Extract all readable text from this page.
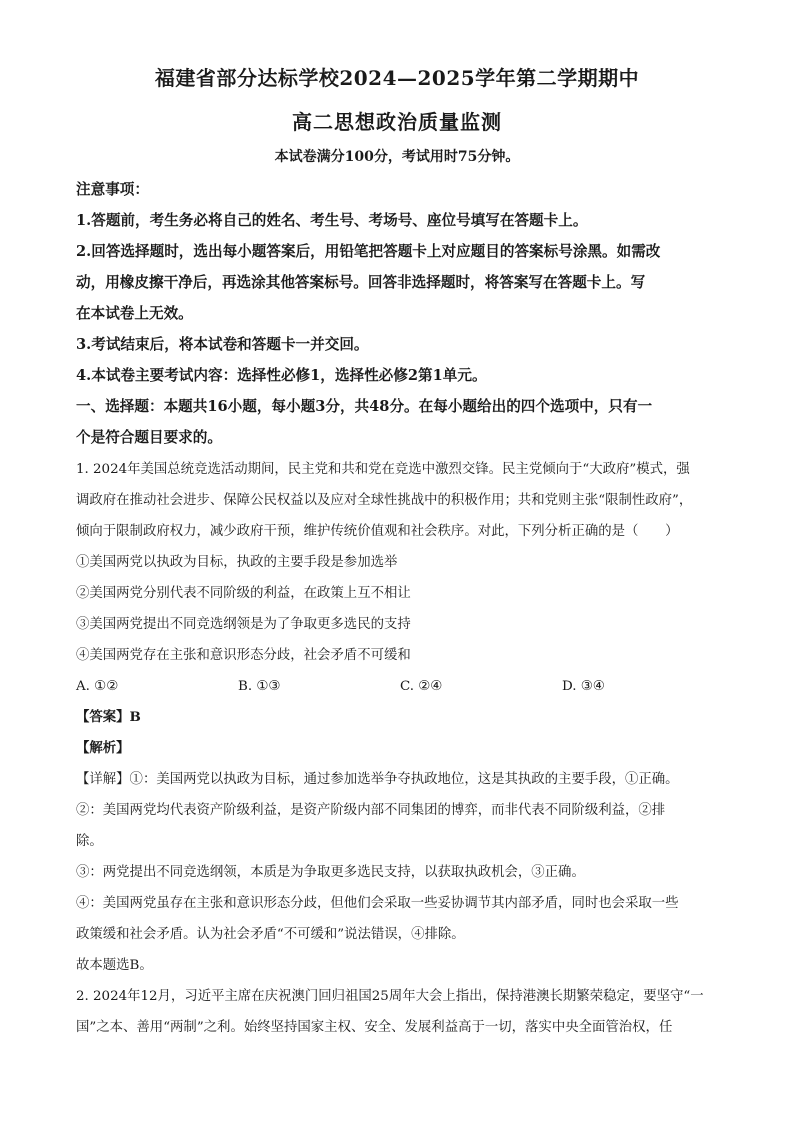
福建省部分达标学校2024—2025学年第二学期期中
高二思想政治质量监测
本试卷满分100分，考试用时75分钟。
注意事项：
1.答题前，考生务必将自己的姓名、考生号、考场号、座位号填写在答题卡上。
2.回答选择题时，选出每小题答案后，用铅笔把答题卡上对应题目的答案标号涂黑。如需改
动，用橡皮擦干净后，再选涂其他答案标号。回答非选择题时，将答案写在答题卡上。写
在本试卷上无效。
3.考试结束后，将本试卷和答题卡一并交回。
4.本试卷主要考试内容：选择性必修1，选择性必修2第1单元。
一、选择题：本题共16小题，每小题3分，共48分。在每小题给出的四个选项中，只有一
个是符合题目要求的。
1. 2024年美国总统竞选活动期间，民主党和共和党在竞选中激烈交锋。民主党倾向于“大政府”模式，强
调政府在推动社会进步、保障公民权益以及应对全球性挑战中的积极作用；共和党则主张“限制性政府”，
倾向于限制政府权力，减少政府干预，维护传统价值观和社会秩序。对此，下列分析正确的是（　　）
①美国两党以执政为目标，执政的主要手段是参加选举
②美国两党分别代表不同阶级的利益，在政策上互不相让
③美国两党提出不同竞选纲领是为了争取更多选民的支持
④美国两党存在主张和意识形态分歧，社会矛盾不可缓和
A. ①②	B. ①③	C. ②④	D. ③④
【答案】B
【解析】
【详解】①：美国两党以执政为目标，通过参加选举争夺执政地位，这是其执政的主要手段，①正确。
②：美国两党均代表资产阶级利益，是资产阶级内部不同集团的博弈，而非代表不同阶级利益，②排
除。
③：两党提出不同竞选纲领，本质是为争取更多选民支持，以获取执政机会，③正确。
④：美国两党虽存在主张和意识形态分歧，但他们会采取一些妥协调节其内部矛盾，同时也会采取一些
政策缓和社会矛盾。认为社会矛盾“不可缓和”说法错误，④排除。
故本题选B。
2. 2024年12月，习近平主席在庆祝澳门回归祖国25周年大会上指出，保持港澳长期繁荣稳定，要坚守“一
国”之本、善用“两制”之利。始终坚持国家主权、安全、发展利益高于一切，落实中央全面管治权，任
